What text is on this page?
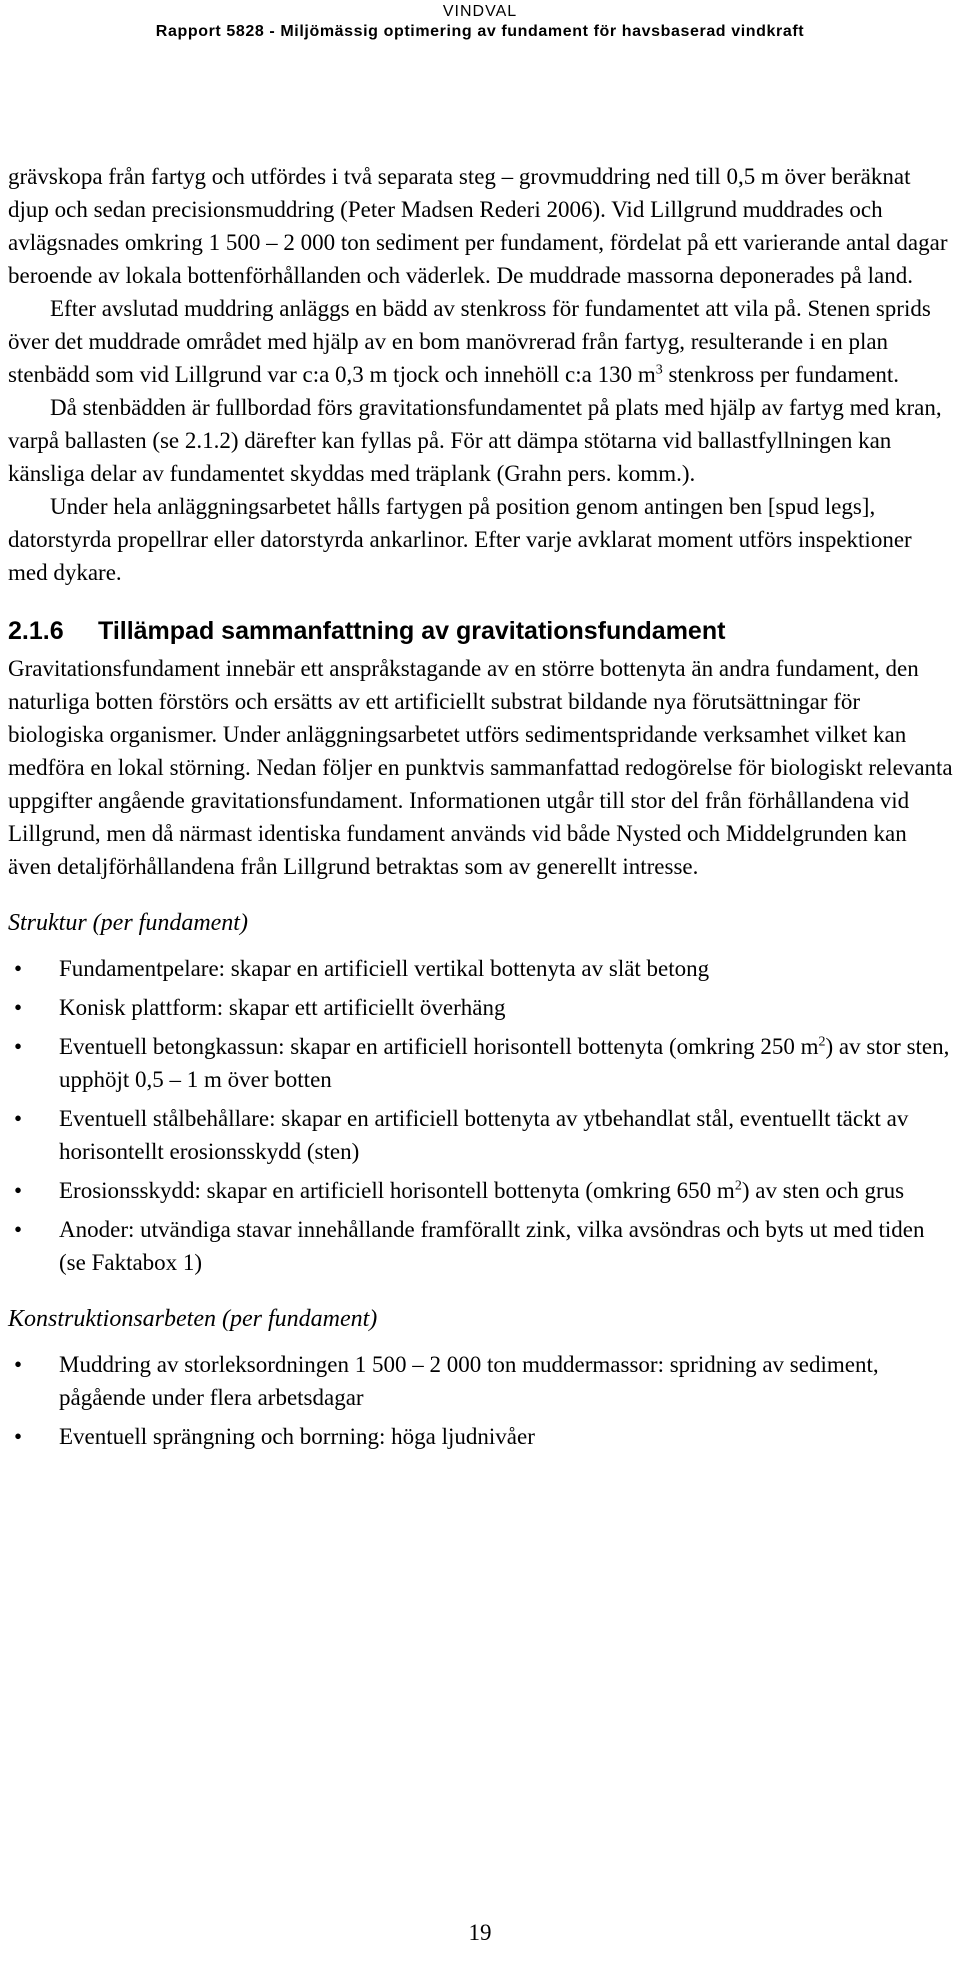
VINDVAL
Rapport 5828 - Miljömässig optimering av fundament för havsbaserad vindkraft

grävskopa från fartyg och utfördes i två separata steg – grovmuddring ned till 0,5 m över beräknat djup och sedan precisionsmuddring (Peter Madsen Rederi 2006). Vid Lillgrund muddrades och avlägsnades omkring 1 500 – 2 000 ton sediment per fundament, fördelat på ett varierande antal dagar beroende av lokala bottenförhållanden och väderlek. De muddrade massorna deponerades på land.

Efter avslutad muddring anläggs en bädd av stenkross för fundamentet att vila på. Stenen sprids över det muddrade området med hjälp av en bom manövrerad från fartyg, resulterande i en plan stenbädd som vid Lillgrund var c:a 0,3 m tjock och innehöll c:a 130 $m^3$ stenkross per fundament.

Då stenbädden är fullbordad förs gravitationsfundamentet på plats med hjälp av fartyg med kran, varpå ballasten (se 2.1.2) därefter kan fyllas på. För att dämpa stötarna vid ballastfyllningen kan känsliga delar av fundamentet skyddas med träplank (Grahn pers. komm.).

Under hela anläggningsarbetet hålls fartygen på position genom antingen ben [spud legs], datorstyrda propellrar eller datorstyrda ankarlinor. Efter varje avklarat moment utförs inspektioner med dykare.

2.1.6 Tillämpad sammanfattning av gravitationsfundament

Gravitationsfundament innebär ett anspråkstagande av en större bottenyta än andra fundament, den naturliga botten förstörs och ersätts av ett artificiellt substrat bildande nya förutsättningar för biologiska organismer. Under anläggningsarbetet utförs sedimentspridande verksamhet vilket kan medföra en lokal störning. Nedan följer en punktvis sammanfattad redogörelse för biologiskt relevanta uppgifter angående gravitationsfundament. Informationen utgår till stor del från förhållandena vid Lillgrund, men då närmast identiska fundament används vid både Nysted och Middelgrunden kan även detaljförhållandena från Lillgrund betraktas som av generellt intresse.

Struktur (per fundament)
• Fundamentpelare: skapar en artificiell vertikal bottenyta av slät betong
• Konisk plattform: skapar ett artificiellt överhäng
• Eventuell betongkassun: skapar en artificiell horisontell bottenyta (omkring 250 $m^2$) av stor sten, upphöjt 0,5 – 1 m över botten
• Eventuell stålbehållare: skapar en artificiell bottenyta av ytbehandlat stål, eventuellt täckt av horisontellt erosionsskydd (sten)
• Erosionsskydd: skapar en artificiell horisontell bottenyta (omkring 650 $m^2$) av sten och grus
• Anoder: utvändiga stavar innehållande framförallt zink, vilka avsöndras och byts ut med tiden (se Faktabox 1)
Konstruktionsarbeten (per fundament)
• Muddring av storleksordningen 1 500 – 2 000 ton muddermassor: spridning av sediment, pågående under flera arbetsdagar
• Eventuell sprängning och borrning: höga ljudnivåer
19
